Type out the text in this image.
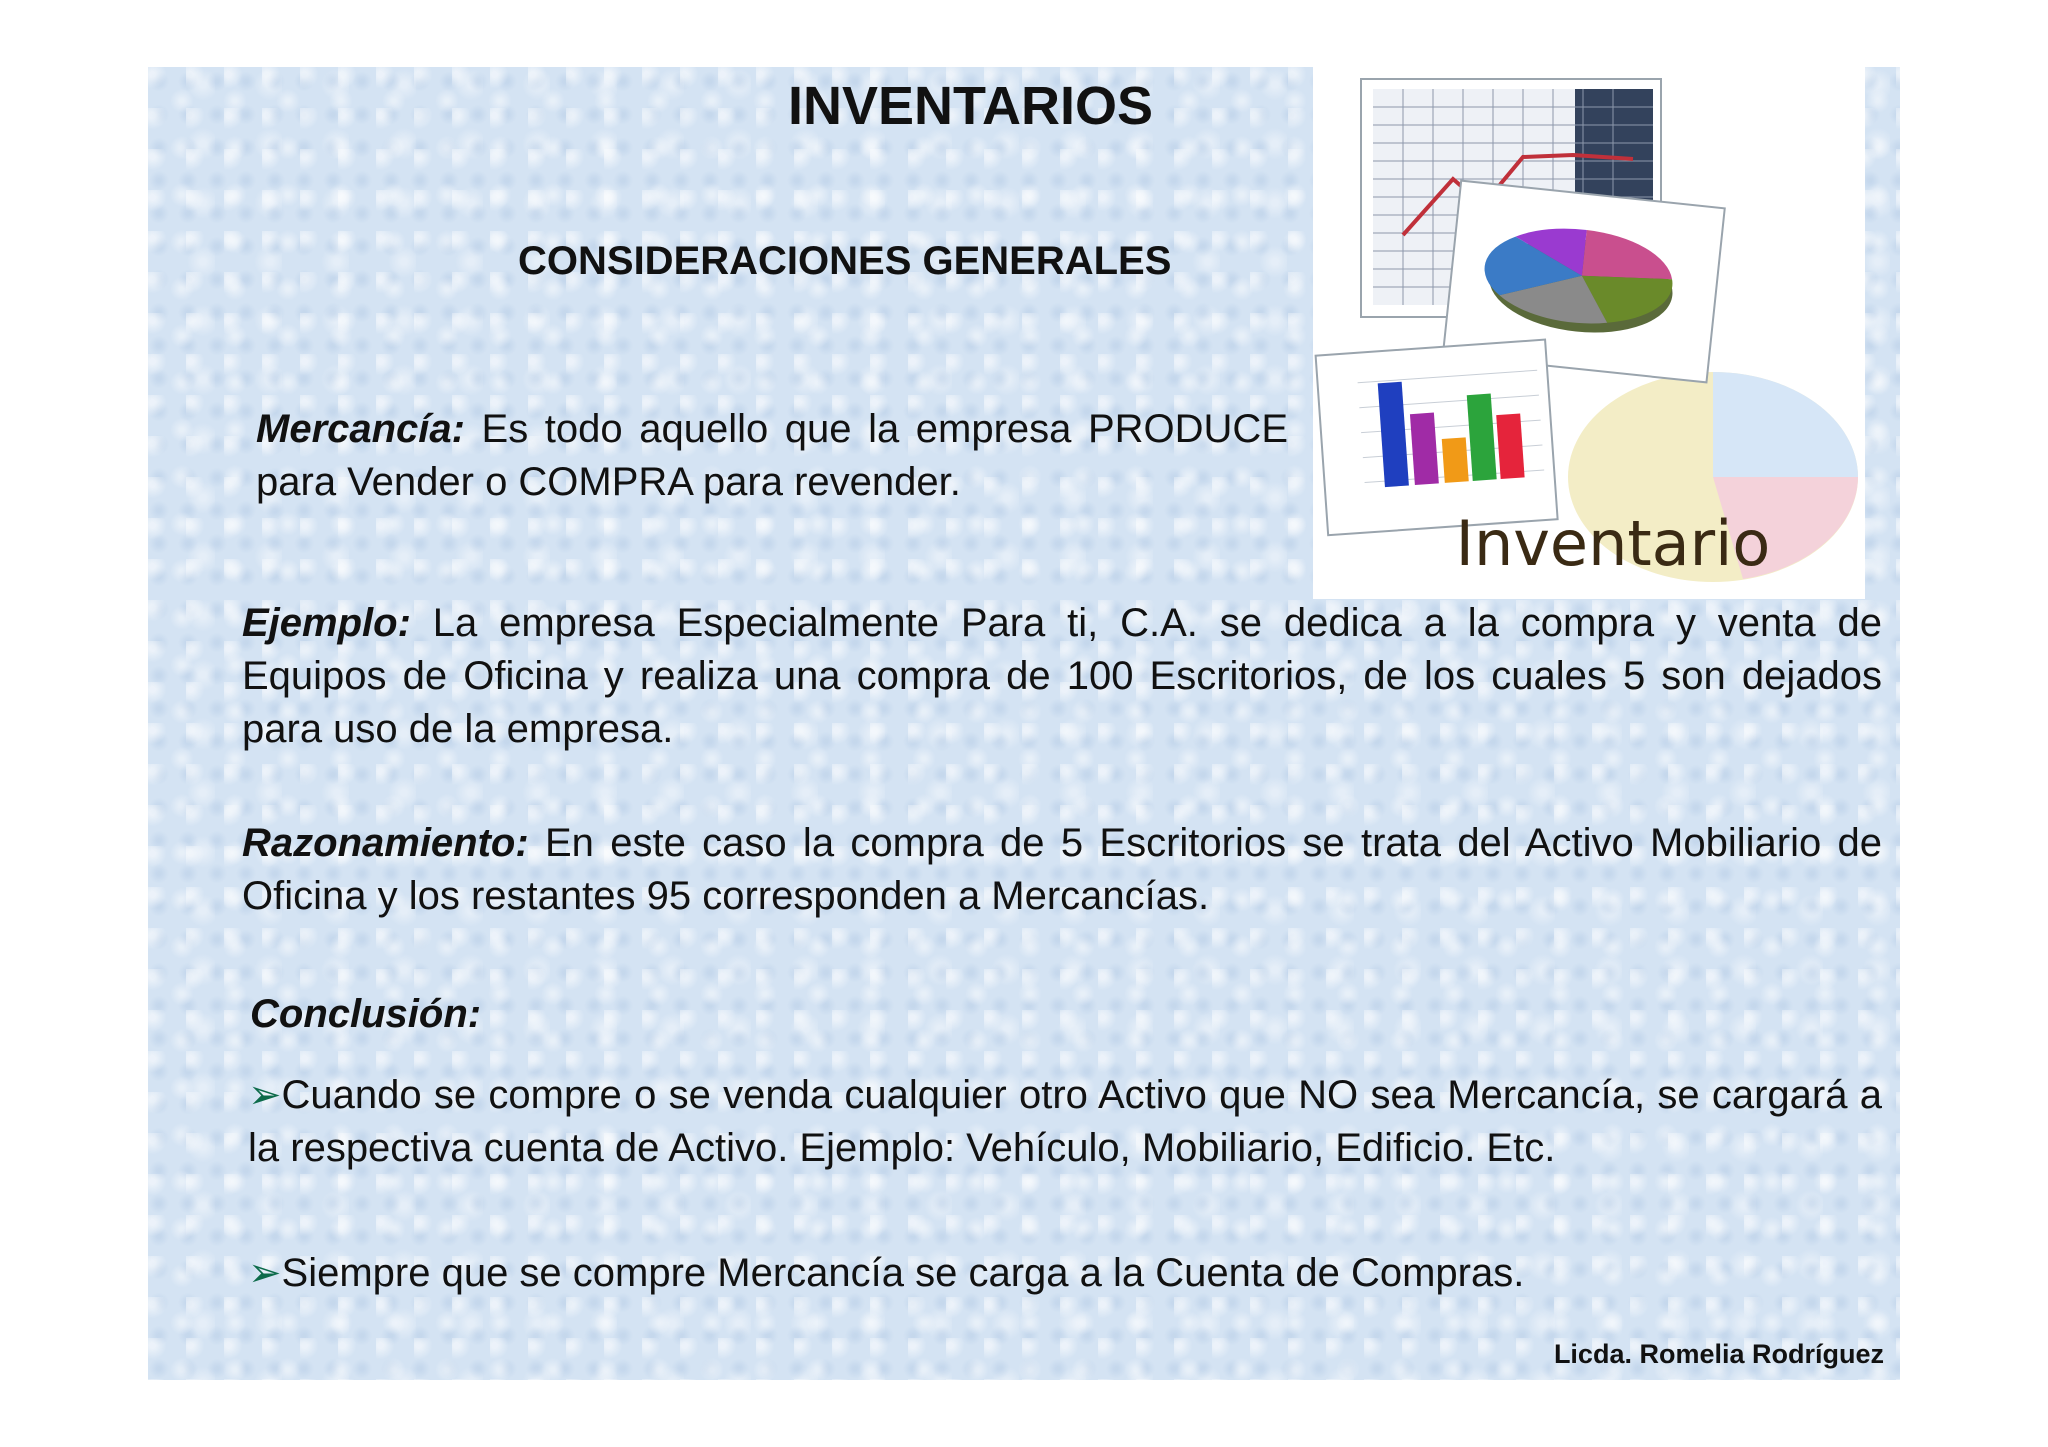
INVENTARIOS
CONSIDERACIONES GENERALES

Mercancía: Es todo aquello que la empresa PRODUCE para Vender o COMPRA para revender.

Ejemplo: La empresa Especialmente Para ti, C.A. se dedica a la compra y venta de Equipos de Oficina y realiza una compra de 100 Escritorios, de los cuales 5 son dejados para uso de la empresa.

Razonamiento: En este caso la compra de 5 Escritorios se trata del Activo Mobiliario de Oficina y los restantes 95 corresponden a Mercancías.

Conclusión:

➢Cuando se compre o se venda cualquier otro Activo que NO sea Mercancía, se cargará a la respectiva cuenta de Activo. Ejemplo: Vehículo, Mobiliario, Edificio. Etc.

➢Siempre que se compre Mercancía se carga a la Cuenta de Compras.

Licda. Romelia Rodríguez

Inventario
